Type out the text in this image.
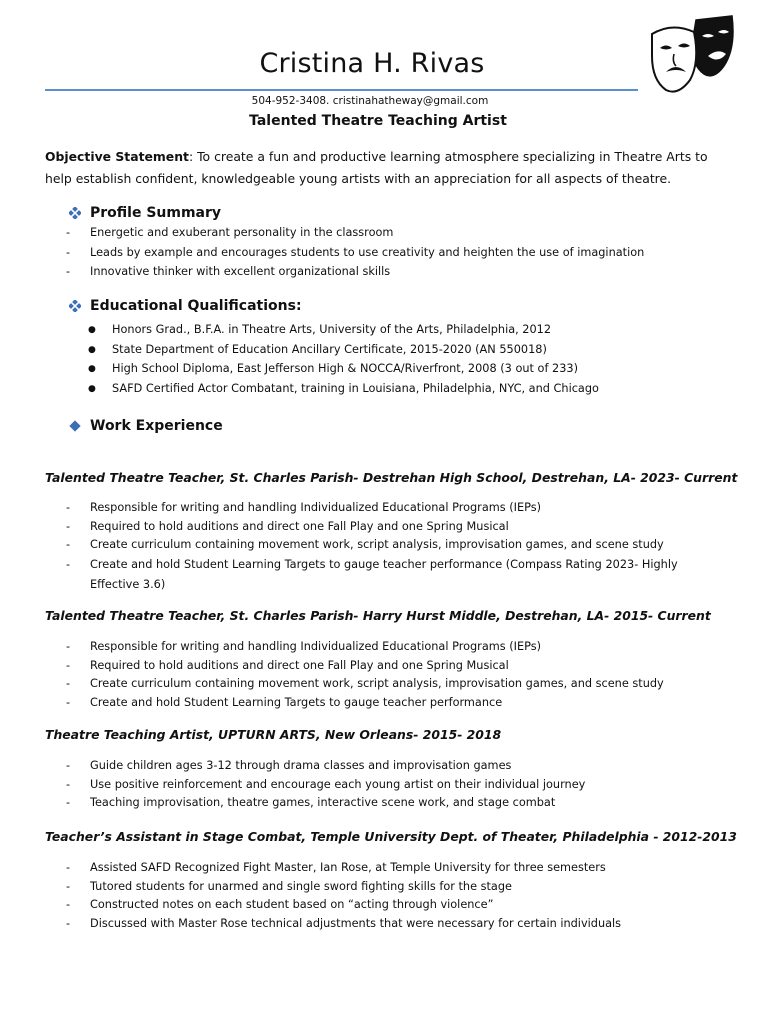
Cristina H. Rivas
504-952-3408. cristinahatheway@gmail.com
Talented Theatre Teaching Artist
Objective Statement: To create a fun and productive learning atmosphere specializing in Theatre Arts to help establish confident, knowledgeable young artists with an appreciation for all aspects of theatre.
Profile Summary
- Energetic and exuberant personality in the classroom
- Leads by example and encourages students to use creativity and heighten the use of imagination
- Innovative thinker with excellent organizational skills
Educational Qualifications:
● Honors Grad., B.F.A. in Theatre Arts, University of the Arts, Philadelphia, 2012
● State Department of Education Ancillary Certificate, 2015-2020 (AN 550018)
● High School Diploma, East Jefferson High & NOCCA/Riverfront, 2008 (3 out of 233)
● SAFD Certified Actor Combatant, training in Louisiana, Philadelphia, NYC, and Chicago
Work Experience
Talented Theatre Teacher, St. Charles Parish- Destrehan High School, Destrehan, LA- 2023- Current
- Responsible for writing and handling Individualized Educational Programs (IEPs)
- Required to hold auditions and direct one Fall Play and one Spring Musical
- Create curriculum containing movement work, script analysis, improvisation games, and scene study
- Create and hold Student Learning Targets to gauge teacher performance (Compass Rating 2023- Highly Effective 3.6)
Talented Theatre Teacher, St. Charles Parish- Harry Hurst Middle, Destrehan, LA- 2015- Current
- Responsible for writing and handling Individualized Educational Programs (IEPs)
- Required to hold auditions and direct one Fall Play and one Spring Musical
- Create curriculum containing movement work, script analysis, improvisation games, and scene study
- Create and hold Student Learning Targets to gauge teacher performance
Theatre Teaching Artist, UPTURN ARTS, New Orleans- 2015- 2018
- Guide children ages 3-12 through drama classes and improvisation games
- Use positive reinforcement and encourage each young artist on their individual journey
- Teaching improvisation, theatre games, interactive scene work, and stage combat
Teacher’s Assistant in Stage Combat, Temple University Dept. of Theater, Philadelphia - 2012-2013
- Assisted SAFD Recognized Fight Master, Ian Rose, at Temple University for three semesters
- Tutored students for unarmed and single sword fighting skills for the stage
- Constructed notes on each student based on “acting through violence”
- Discussed with Master Rose technical adjustments that were necessary for certain individuals
